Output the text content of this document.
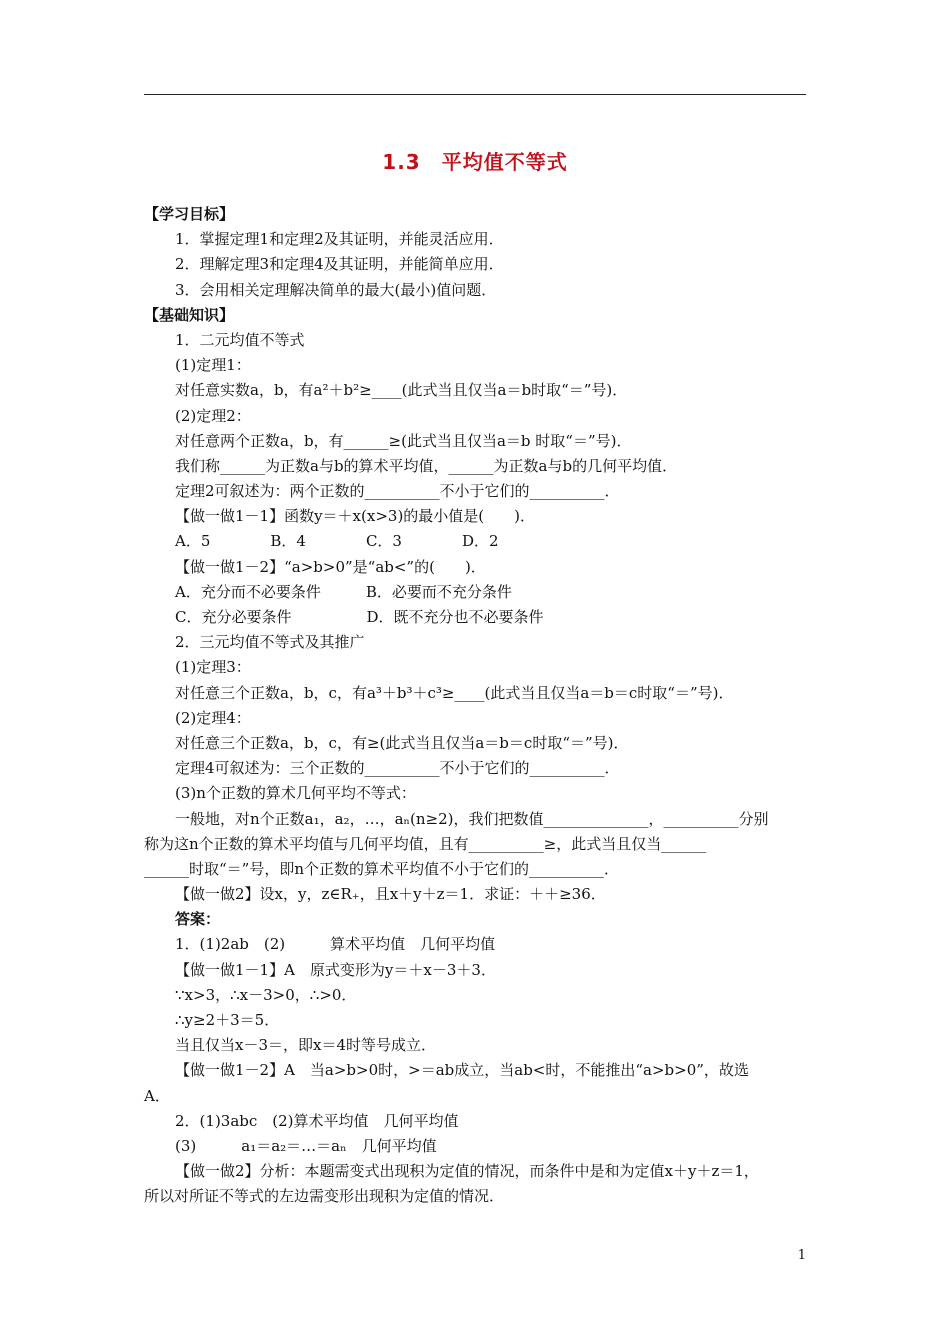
1.3　平均值不等式
【学习目标】
1．掌握定理1和定理2及其证明，并能灵活应用．
2．理解定理3和定理4及其证明，并能简单应用．
3．会用相关定理解决简单的最大(最小)值问题．
【基础知识】
1．二元均值不等式
(1)定理1：
对任意实数a，b，有a²＋b²≥____(此式当且仅当a＝b时取“＝”号)．
(2)定理2：
对任意两个正数a，b，有______≥(此式当且仅当a＝b 时取“＝”号)．
我们称______为正数a与b的算术平均值，______为正数a与b的几何平均值．
定理2可叙述为：两个正数的__________不小于它们的__________．
【做一做1－1】函数y＝＋x(x>3)的最小值是(　　)．
A．5　　　　B．4　　　　C．3　　　　D．2
【做一做1－2】“a>b>0”是“ab<”的(　　)．
A．充分而不必要条件　　　B．必要而不充分条件
C．充分必要条件　　　　　D．既不充分也不必要条件
2．三元均值不等式及其推广
(1)定理3：
对任意三个正数a，b，c，有a³＋b³＋c³≥____(此式当且仅当a＝b＝c时取“＝”号)．
(2)定理4：
对任意三个正数a，b，c，有≥(此式当且仅当a＝b＝c时取“＝”号)．
定理4可叙述为：三个正数的__________不小于它们的__________．
(3)n个正数的算术几何平均不等式：
一般地，对n个正数a₁，a₂，…，aₙ(n≥2)，我们把数值______________，__________分别
称为这n个正数的算术平均值与几何平均值，且有__________≥，此式当且仅当______
______时取“＝”号，即n个正数的算术平均值不小于它们的__________．
【做一做2】设x，y，z∈R₊，且x＋y＋z＝1．求证：＋＋≥36．
答案：
1．(1)2ab　(2)　　　算术平均值　几何平均值
【做一做1－1】A　原式变形为y＝＋x－3＋3．
∵x>3，∴x－3>0，∴>0．
∴y≥2＋3＝5．
当且仅当x－3＝，即x＝4时等号成立．
【做一做1－2】A　当a>b>0时，>＝ab成立，当ab<时，不能推出“a>b>0”，故选
A．
2．(1)3abc　(2)算术平均值　几何平均值
(3)　　　a₁＝a₂＝…＝aₙ　几何平均值
【做一做2】分析：本题需变式出现积为定值的情况，而条件中是和为定值x＋y＋z＝1，
所以对所证不等式的左边需变形出现积为定值的情况．
1
